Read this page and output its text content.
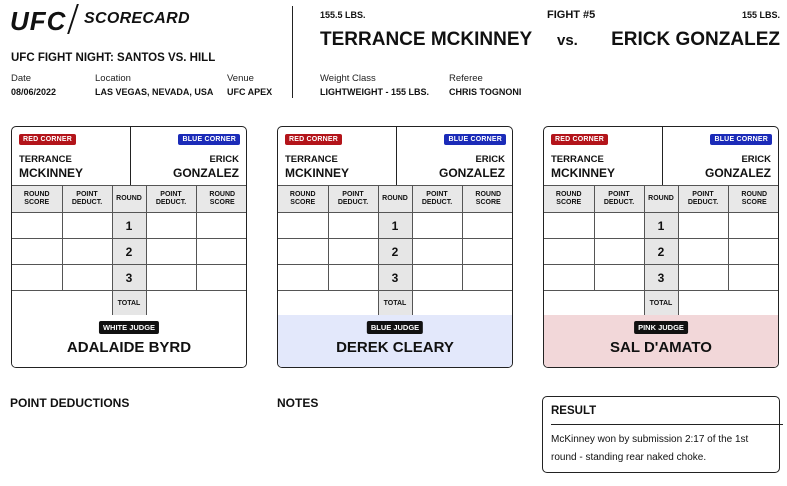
UFC SCORECARD
UFC FIGHT NIGHT: SANTOS VS. HILL
Date
08/06/2022
Location
LAS VEGAS, NEVADA, USA
Venue
UFC APEX
155.5 LBS.
TERRANCE MCKINNEY
FIGHT #5
vs.
155 LBS.
ERICK GONZALEZ
Weight Class
LIGHTWEIGHT - 155 LBS.
Referee
CHRIS TOGNONI
RED CORNER
TERRANCE
MCKINNEY
BLUE CORNER
ERICK
GONZALEZ
ROUND SCORE	POINT DEDUCT.	ROUND	POINT DEDUCT.	ROUND SCORE
		1		
		2		
		3		
		TOTAL		
WHITE JUDGE
ADALAIDE BYRD
RED CORNER
TERRANCE
MCKINNEY
BLUE CORNER
ERICK
GONZALEZ
ROUND SCORE	POINT DEDUCT.	ROUND	POINT DEDUCT.	ROUND SCORE
		1		
		2		
		3		
		TOTAL		
BLUE JUDGE
DEREK CLEARY
RED CORNER
TERRANCE
MCKINNEY
BLUE CORNER
ERICK
GONZALEZ
ROUND SCORE	POINT DEDUCT.	ROUND	POINT DEDUCT.	ROUND SCORE
		1		
		2		
		3		
		TOTAL		
PINK JUDGE
SAL D'AMATO
POINT DEDUCTIONS	NOTES
RESULT
McKinney won by submission 2:17 of the 1st round - standing rear naked choke.
